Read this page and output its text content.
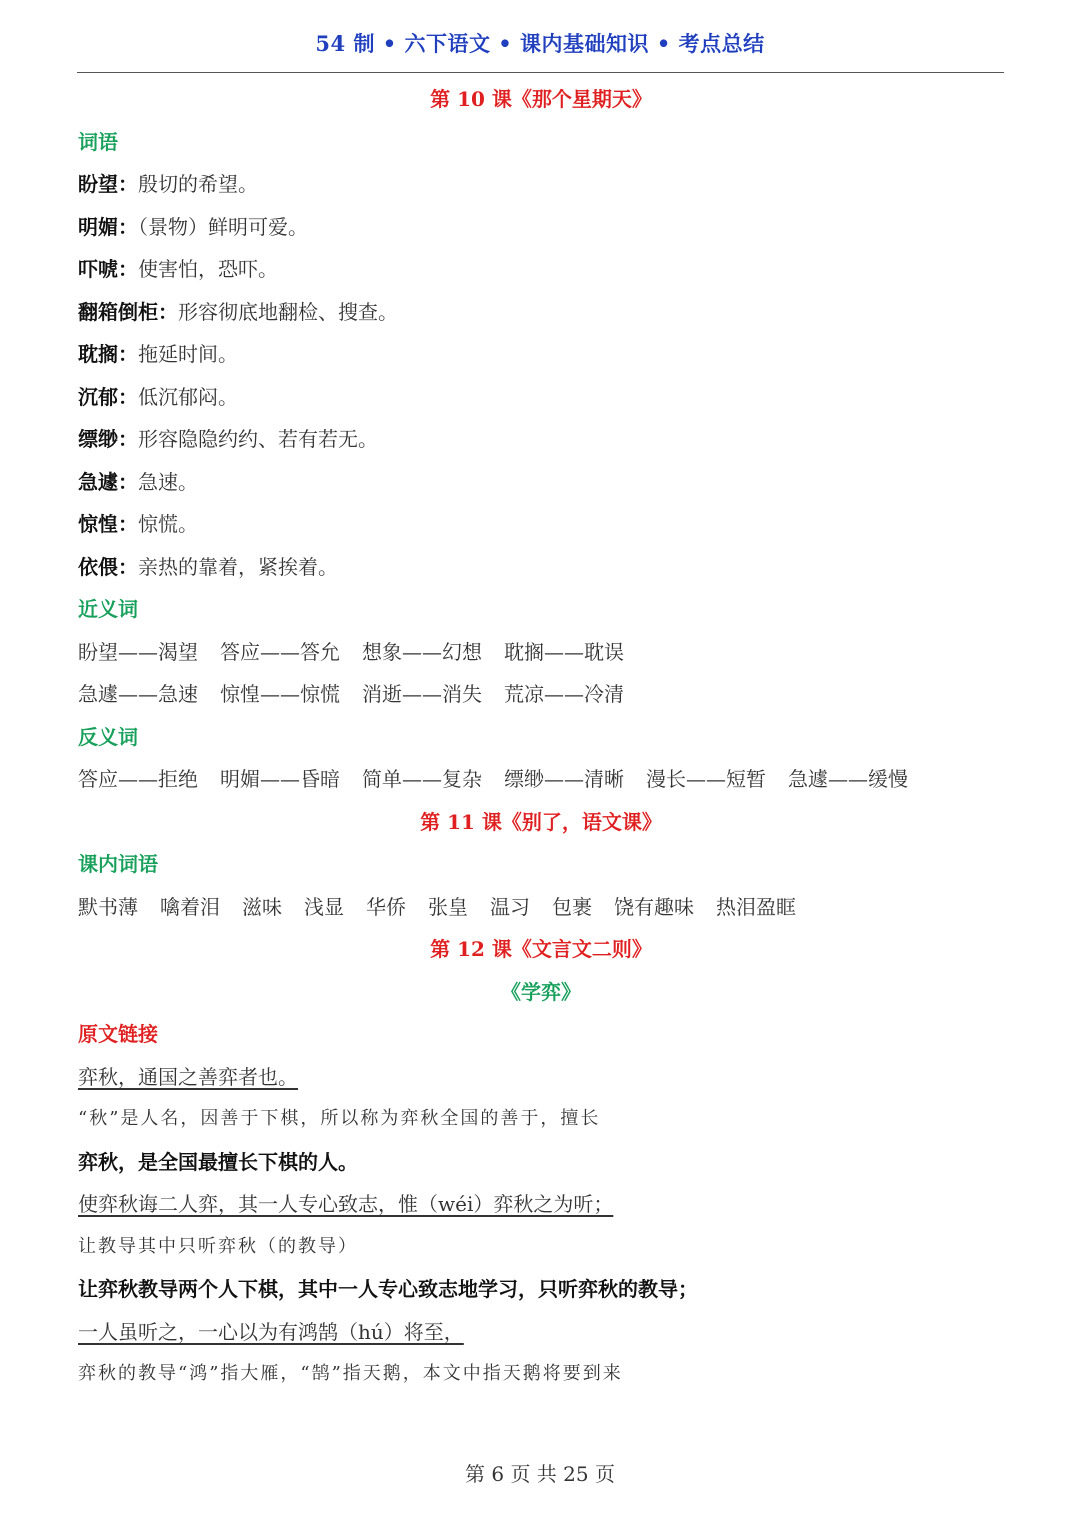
54 制 • 六下语文 • 课内基础知识 • 考点总结
第 10 课《那个星期天》
词语
盼望：殷切的希望。
明媚：（景物）鲜明可爱。
吓唬：使害怕，恐吓。
翻箱倒柜：形容彻底地翻检、搜查。
耽搁：拖延时间。
沉郁：低沉郁闷。
缥缈：形容隐隐约约、若有若无。
急遽：急速。
惊惶：惊慌。
依偎：亲热的靠着，紧挨着。
近义词
盼望——渴望 答应——答允 想象——幻想 耽搁——耽误
急遽——急速 惊惶——惊慌 消逝——消失 荒凉——冷清
反义词
答应——拒绝 明媚——昏暗 简单——复杂 缥缈——清晰 漫长——短暂 急遽——缓慢
第 11 课《别了，语文课》
课内词语
默书薄 噙着泪 滋味 浅显 华侨 张皇 温习 包裹 饶有趣味 热泪盈眶
第 12 课《文言文二则》
《学弈》
原文链接
弈秋，通国之善弈者也。
“秋”是人名，因善于下棋，所以称为弈秋全国的善于，擅长
弈秋，是全国最擅长下棋的人。
使弈秋诲二人弈，其一人专心致志，惟（wéi）弈秋之为听；
让教导其中只听弈秋（的教导）
让弈秋教导两个人下棋，其中一人专心致志地学习，只听弈秋的教导；
一人虽听之，一心以为有鸿鹄（hú）将至，
弈秋的教导“鸿”指大雁，“鹄”指天鹅，本文中指天鹅将要到来
第 6 页 共 25 页
